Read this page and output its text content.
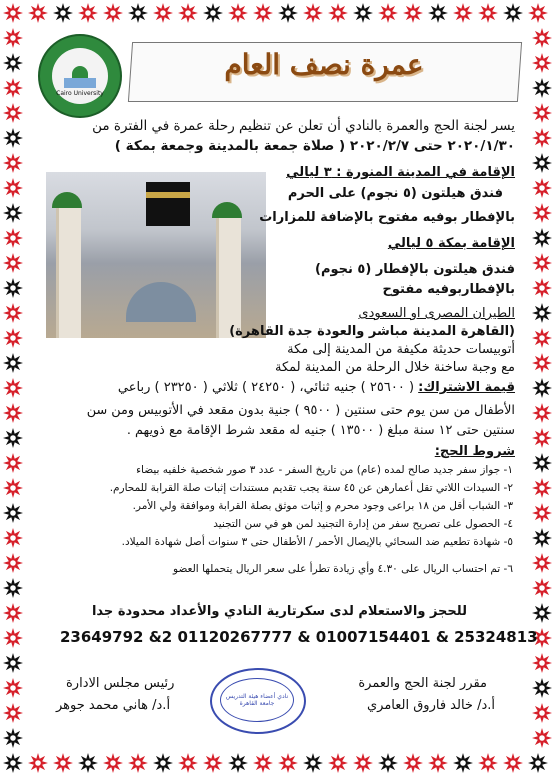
Cairo University
عمرة نصف العام
يسر لجنة الحج والعمرة بالنادي أن تعلن عن تنظيم رحلة عمرة في الفترة من
٢٠٢٠/١/٣٠ حتى ٢٠٢٠/٢/٧ ( صلاة جمعة بالمدينة وجمعة بمكة )
الإقامة في المدينة المنورة : ٣ ليالي
فندق هيلتون (٥ نجوم) على الحرم
بالإفطار بوفيه مفتوح بالإضافة للمزارات
الإقامة بمكة ٥ ليالي
فندق هيلتون بالإفطار (٥ نجوم)
بالإفطاربوفيه مفتوح
الطيران المصرى او السعودى
(القاهرة المدينة مباشر والعودة جدة القاهرة)
أتوبيسات حديثة مكيفة من المدينة إلى مكة
مع وجبة ساخنة خلال الرحلة من المدينة لمكة
قيمة الاشتراك: ( ٢٥٦٠٠ ) جنيه ثنائي، ( ٢٤٢٥٠ ) ثلاثي ( ٢٣٢٥٠ ) رباعي
الأطفال من سن يوم حتى سنتين ( ٩٥٠٠ ) جنية بدون مقعد في الأتوبيس ومن سن
سنتين حتى ١٢ سنة مبلغ ( ١٣٥٠٠ ) جنيه له مقعد شرط الإقامة مع ذويهم .
شروط الحج:
١- جواز سفر جديد صالح لمده (عام) من تاريخ السفر - عدد ٣ صور شخصية خلفيه بيضاء
٢- السيدات اللاتي تقل أعمارهن عن ٤٥ سنة يجب تقديم مستندات إثبات صلة القرابة للمحارم.
٣- الشباب أقل من ١٨ براعى وجود محرم و إثبات موثق بصلة القرابة وموافقة ولي الأمر.
٤- الحصول على تصريح سفر من إدارة التجنيد لمن هو في سن التجنيد
٥- شهادة تطعيم ضد السحائي بالإيصال الأحمر / الأطفال حتى ٣ سنوات أصل شهادة الميلاد.
٦- تم احتساب الريال على ٤.٣٠ وأي زيادة تطرأ على سعر الريال يتحملها العضو
للحجز والاستعلام لدى سكرتارية النادي والأعداد محدودة جدا
23649792 &2 01120267777 & 01007154401 & 25324813
مقرر لجنة الحج والعمرة
أ.د/ خالد فاروق العامري
رئيس مجلس الادارة
أ.د/ هاني محمد جوهر
نادي أعضاء هيئة التدريس جامعة القاهرة
